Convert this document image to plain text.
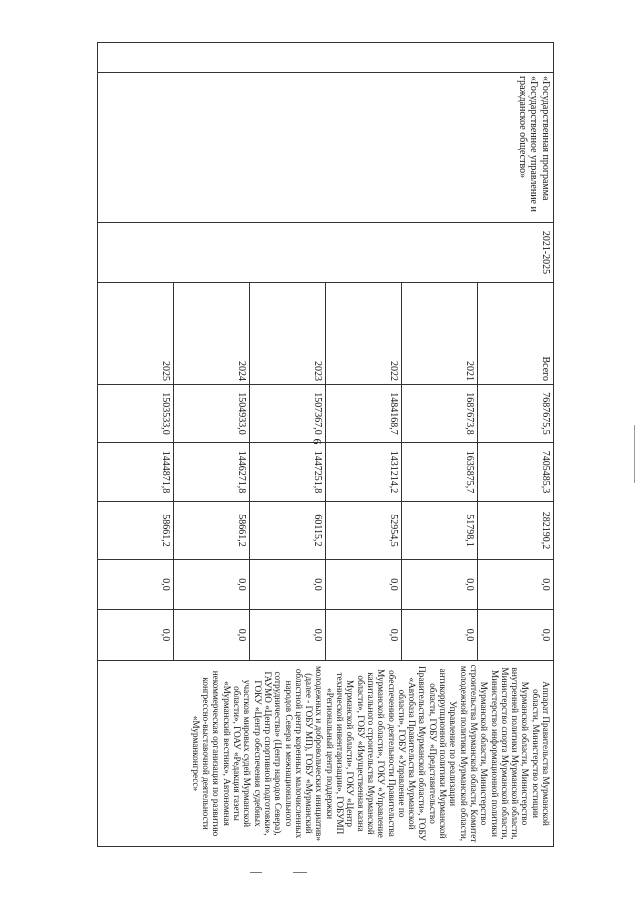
6
	«Государственная программа «Государственное управление и гражданское общество»	2021-2025	Всего	7687675,5	7405485,3	282190,2	0,0	0,0	Аппарат Правительства Мурманской области, Министерство юстиции Мурманской области, Министерство внутренней политики Мурманской области, Министерство спорта Мурманской области, Министерство информационной политики Мурманской области, Министерство строительства Мурманской области, Комитет молодежной политики Мурманской области, Управление по реализации антикоррупционной политики Мурманской области, ГОБУ «Представительство Правительства Мурманской области», ГОБУ «Автобаза Правительства Мурманской области», ГОБУ «Управление по обеспечению деятельности Правительства Мурманской области», ГОКУ «Управление капитального строительства Мурманской области», ГОБУ «Имущественная казна Мурманской области», ГОКУ «Центр технической инвентаризации», ГОБУМП «Региональный центр поддержки молодежных и добровольческих инициатив» (далее - ГОБУ МП), ГОБУ «Мурманский областной центр коренных малочисленных народов Севера и межнационального сотрудничества» (Центр народов Севера), ГАУМО «Центр спортивной подготовки», ГОКУ «Центр обеспечения судебных участков мировых судей Мурманской области», ГОАУ «Редакция газеты «Мурманский вестник», Автономная некоммерческая организация по развитию конгрессно-выставочной деятельности «Мурманконгресс»
			2021	1687673,8	1635875,7	51798,1	0,0	0,0	
			2022	1484168,7	1431214,2	52954,5	0,0	0,0	
			2023	1507367,0	1447251,8	60115,2	0,0	0,0	
			2024	1504933,0	1446271,8	58661,2	0,0	0,0	
			2025	1503533,0	1444871,8	58661,2	0,0	0,0	
